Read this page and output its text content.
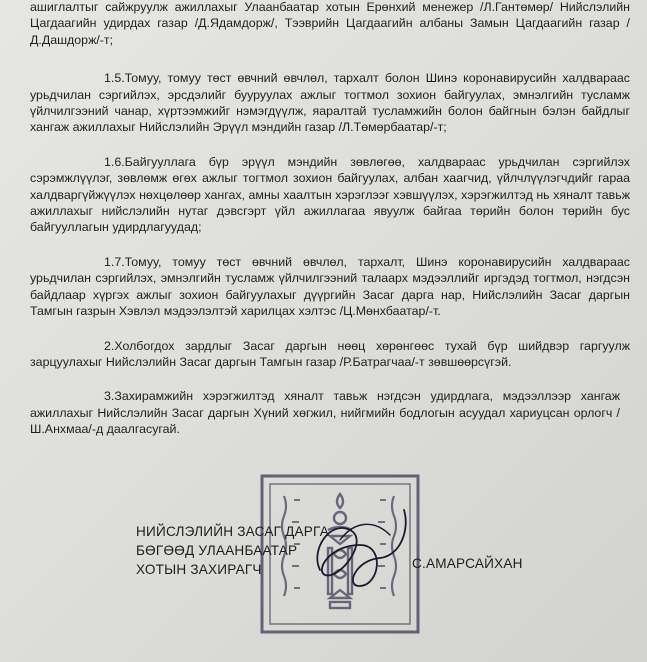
ашиглалтыг сайжруулж ажиллахыг Улаанбаатар хотын Ерөнхий менежер /Л.Гантөмөр/ Нийслэлийн Цагдаагийн удирдах газар /Д.Ядамдорж/, Тээврийн Цагдаагийн албаны Замын Цагдаагийн газар /Д.Дашдорж/-т;

1.5.Томуу, томуу төст өвчний өвчлөл, тархалт болон Шинэ коронавирусийн халдвараас урьдчилан сэргийлэх, эрсдэлийг бууруулах ажлыг тогтмол зохион байгуулах, эмнэлгийн тусламж үйлчилгээний чанар, хүртээмжийг нэмэгдүүлж, яаралтай тусламжийн болон байгнын бэлэн байдлыг хангаж ажиллахыг Нийслэлийн Эрүүл мэндийн газар /Л.Төмөрбаатар/-т;

1.6.Байгууллага бүр эрүүл мэндийн зөвлөгөө, халдвараас урьдчилан сэргийлэх сэрэмжлүүлэг, зөвлөмж өгөх ажлыг тогтмол зохион байгуулах, албан хаагчид, үйлчлүүлэгчдийг гараа халдваргүйжүүлэх нөхцөлөөр хангах, амны хаалтын хэрэглээг хэвшүүлэх, хэрэгжилтэд нь хяналт тавьж ажиллахыг нийслэлийн нутаг дэвсгэрт үйл ажиллагаа явуулж байгаа төрийн болон төрийн бус байгууллагын удирдлагуудад;

1.7.Томуу, томуу төст өвчний өвчлөл, тархалт, Шинэ коронавирусийн халдвараас урьдчилан сэргийлэх, эмнэлгийн тусламж үйлчилгээний талаарх мэдээллийг иргэдэд тогтмол, нэгдсэн байдлаар хүргэх ажлыг зохион байгуулахыг дүүргийн Засаг дарга нар, Нийслэлийн Засаг даргын Тамгын газрын Хэвлэл мэдээлэлтэй харилцах хэлтэс /Ц.Мөнхбаатар/-т.

2.Холбогдох зардлыг Засаг даргын нөөц хөрөнгөөс тухай бүр шийдвэр гаргуулж зарцуулахыг Нийслэлийн Засаг даргын Тамгын газар /Р.Батрагчаа/-т зөвшөөрсүгэй.

3.Захирамжийн хэрэгжилтэд хяналт тавьж нэгдсэн удирдлага, мэдээллээр хангаж ажиллахыг Нийслэлийн Засаг даргын Хүний хөгжил, нийгмийн бодлогын асуудал хариуцсан орлогч /Ш.Анхмаа/-д даалгасугай.

НИЙСЛЭЛИЙН ЗАСАГ ДАРГА
БӨГӨӨД УЛААНБААТАР
ХОТЫН ЗАХИРАГЧ	С.АМАРСАЙХАН
